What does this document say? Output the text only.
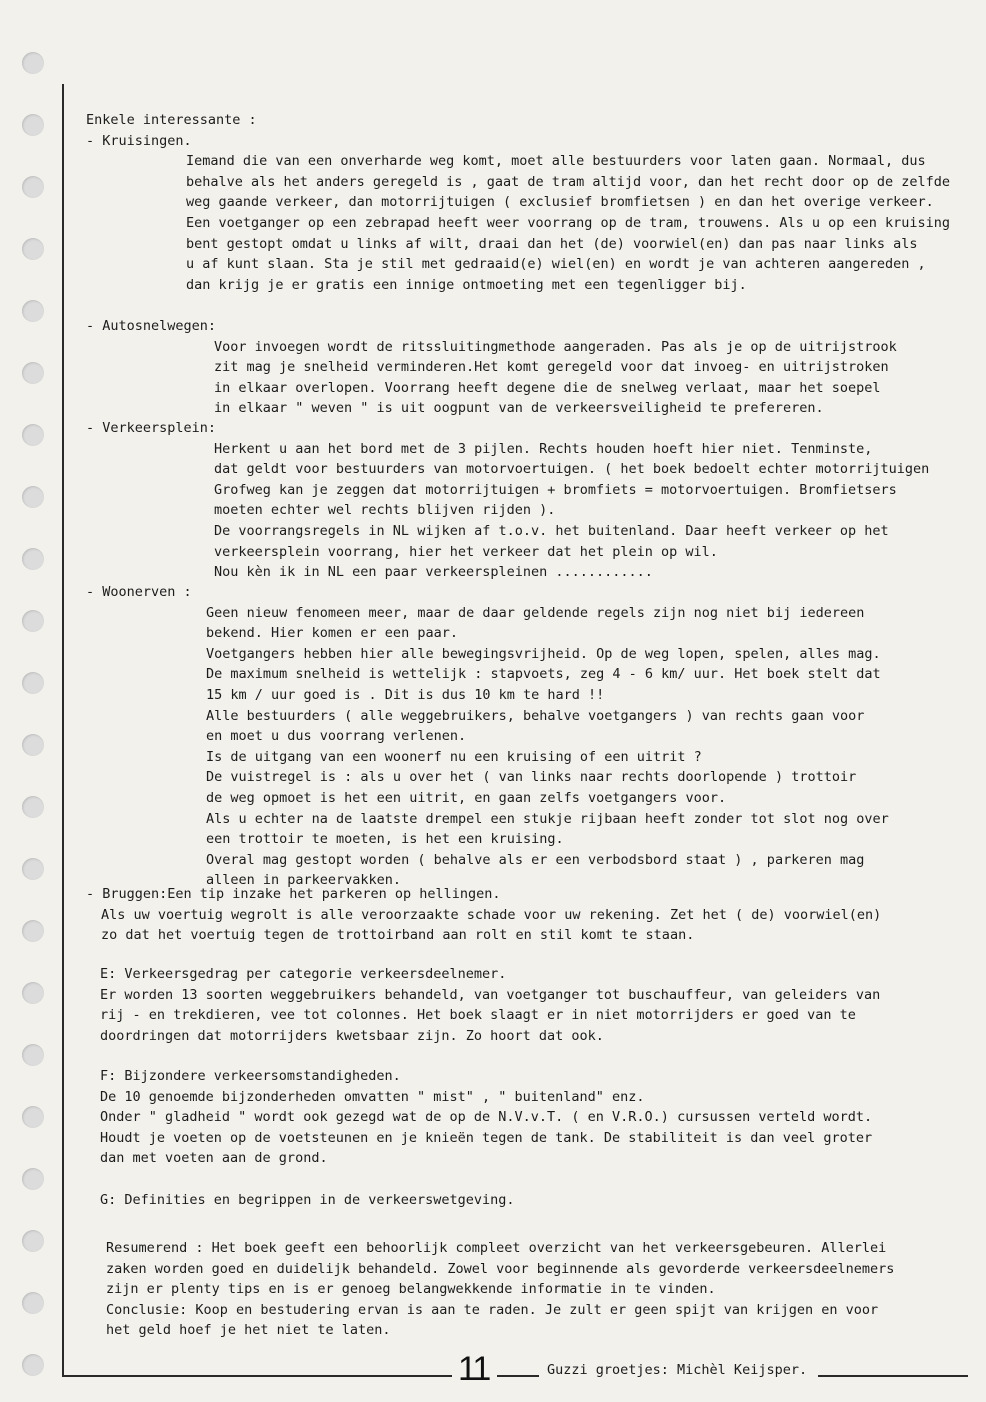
Enkele interessante :
- Kruisingen.
Iemand die van een onverharde weg komt, moet alle bestuurders voor laten gaan. Normaal, dus
behalve als het anders geregeld is , gaat de tram altijd voor, dan het recht door op de zelfde
weg gaande verkeer, dan motorrijtuigen ( exclusief bromfietsen ) en dan het overige verkeer.
Een voetganger op een zebrapad heeft weer voorrang op de tram, trouwens. Als u op een kruising
bent gestopt omdat u links af wilt, draai dan het (de) voorwiel(en) dan pas naar links als
u af kunt slaan. Sta je stil met gedraaid(e) wiel(en) en wordt je van achteren aangereden ,
dan krijg je er gratis een innige ontmoeting met een tegenligger bij.
- Autosnelwegen:
Voor invoegen wordt de ritssluitingmethode aangeraden. Pas als je op de uitrijstrook
zit mag je snelheid verminderen.Het komt geregeld voor dat invoeg- en uitrijstroken
in elkaar overlopen. Voorrang heeft degene die de snelweg verlaat, maar het soepel
in elkaar " weven " is uit oogpunt van de verkeersveiligheid te prefereren.
- Verkeersplein:
Herkent u aan het bord met de 3 pijlen. Rechts houden hoeft hier niet. Tenminste,
dat geldt voor bestuurders van motorvoertuigen. ( het boek bedoelt echter motorrijtuigen
Grofweg kan je zeggen dat motorrijtuigen + bromfiets = motorvoertuigen. Bromfietsers
moeten echter wel rechts blijven rijden ).
De voorrangsregels in NL wijken af t.o.v. het buitenland. Daar heeft verkeer op het
verkeersplein voorrang, hier het verkeer dat het plein op wil.
Nou kèn ik in NL een paar verkeerspleinen ............
- Woonerven :
Geen nieuw fenomeen meer, maar de daar geldende regels zijn nog niet bij iedereen
bekend. Hier komen er een paar.
Voetgangers hebben hier alle bewegingsvrijheid. Op de weg lopen, spelen, alles mag.
De maximum snelheid is wettelijk : stapvoets, zeg 4 - 6 km/ uur. Het boek stelt dat
15 km / uur goed is . Dit is dus 10 km te hard !!
Alle bestuurders ( alle weggebruikers, behalve voetgangers ) van rechts gaan voor
en moet u dus voorrang verlenen.
Is de uitgang van een woonerf nu een kruising of een uitrit ?
De vuistregel is : als u over het ( van links naar rechts doorlopende ) trottoir
de weg opmoet is het een uitrit, en gaan zelfs voetgangers voor.
Als u echter na de laatste drempel een stukje rijbaan heeft zonder tot slot nog over
een trottoir te moeten, is het een kruising.
Overal mag gestopt worden ( behalve als er een verbodsbord staat ) , parkeren mag
alleen in parkeervakken.
- Bruggen:Een tip inzake het parkeren op hellingen.
Als uw voertuig wegrolt is alle veroorzaakte schade voor uw rekening. Zet het ( de) voorwiel(en)
zo dat het voertuig tegen de trottoirband aan rolt en stil komt te staan.
E: Verkeersgedrag per categorie verkeersdeelnemer.
Er worden 13 soorten weggebruikers behandeld, van voetganger tot buschauffeur, van geleiders van
rij - en trekdieren, vee tot colonnes. Het boek slaagt er in niet motorrijders er goed van te
doordringen dat motorrijders kwetsbaar zijn. Zo hoort dat ook.
F: Bijzondere verkeersomstandigheden.
De 10 genoemde bijzonderheden omvatten " mist" , " buitenland" enz.
Onder " gladheid " wordt ook gezegd wat de op de N.V.v.T. ( en V.R.O.) cursussen verteld wordt.
Houdt je voeten op de voetsteunen en je knieën tegen de tank. De stabiliteit is dan veel groter
dan met voeten aan de grond.
G: Definities en begrippen in de verkeerswetgeving.
Resumerend : Het boek geeft een behoorlijk compleet overzicht van het verkeersgebeuren. Allerlei
zaken worden goed en duidelijk behandeld. Zowel voor beginnende als gevorderde verkeersdeelnemers
zijn er plenty tips en is er genoeg belangwekkende informatie in te vinden.
Conclusie: Koop en bestudering ervan is aan te raden. Je zult er geen spijt van krijgen en voor
het geld hoef je het niet te laten.
11	Guzzi groetjes: Michèl Keijsper.
